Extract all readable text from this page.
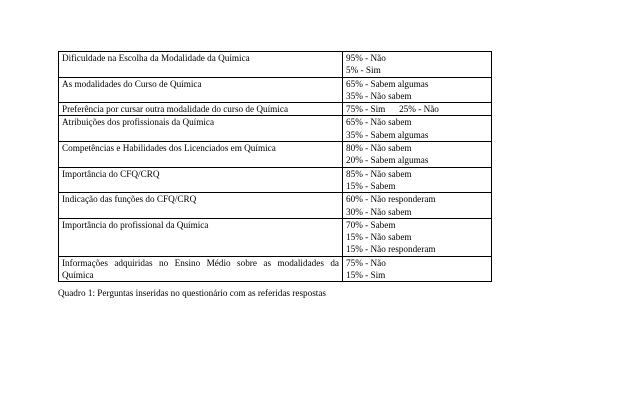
Dificuldade na Escolha da Modalidade da Química	95% - Não
5% - Sim

As modalidades do Curso de Química	65% - Sabem algumas
35% - Não sabem

Preferência por cursar outra modalidade do curso de Química	75% - Sim      25% - Não

Atribuições dos profissionais da Química	65% - Não sabem
35% - Sabem algumas

Competências e Habilidades dos Licenciados em Química	80% - Não sabem
20% - Sabem algumas

Importância do CFQ/CRQ	85% - Não sabem
15% - Sabem

Indicação das funções do CFQ/CRQ	60% - Não responderam
30% - Não sabem

Importância do profissional da Química	70% - Sabem
15% - Não sabem
15% - Não responderam

Informações adquiridas no Ensino Médio sobre as modalidades da Química	75% - Não
15% - Sim
Quadro 1: Perguntas inseridas no questionário com as referidas respostas
